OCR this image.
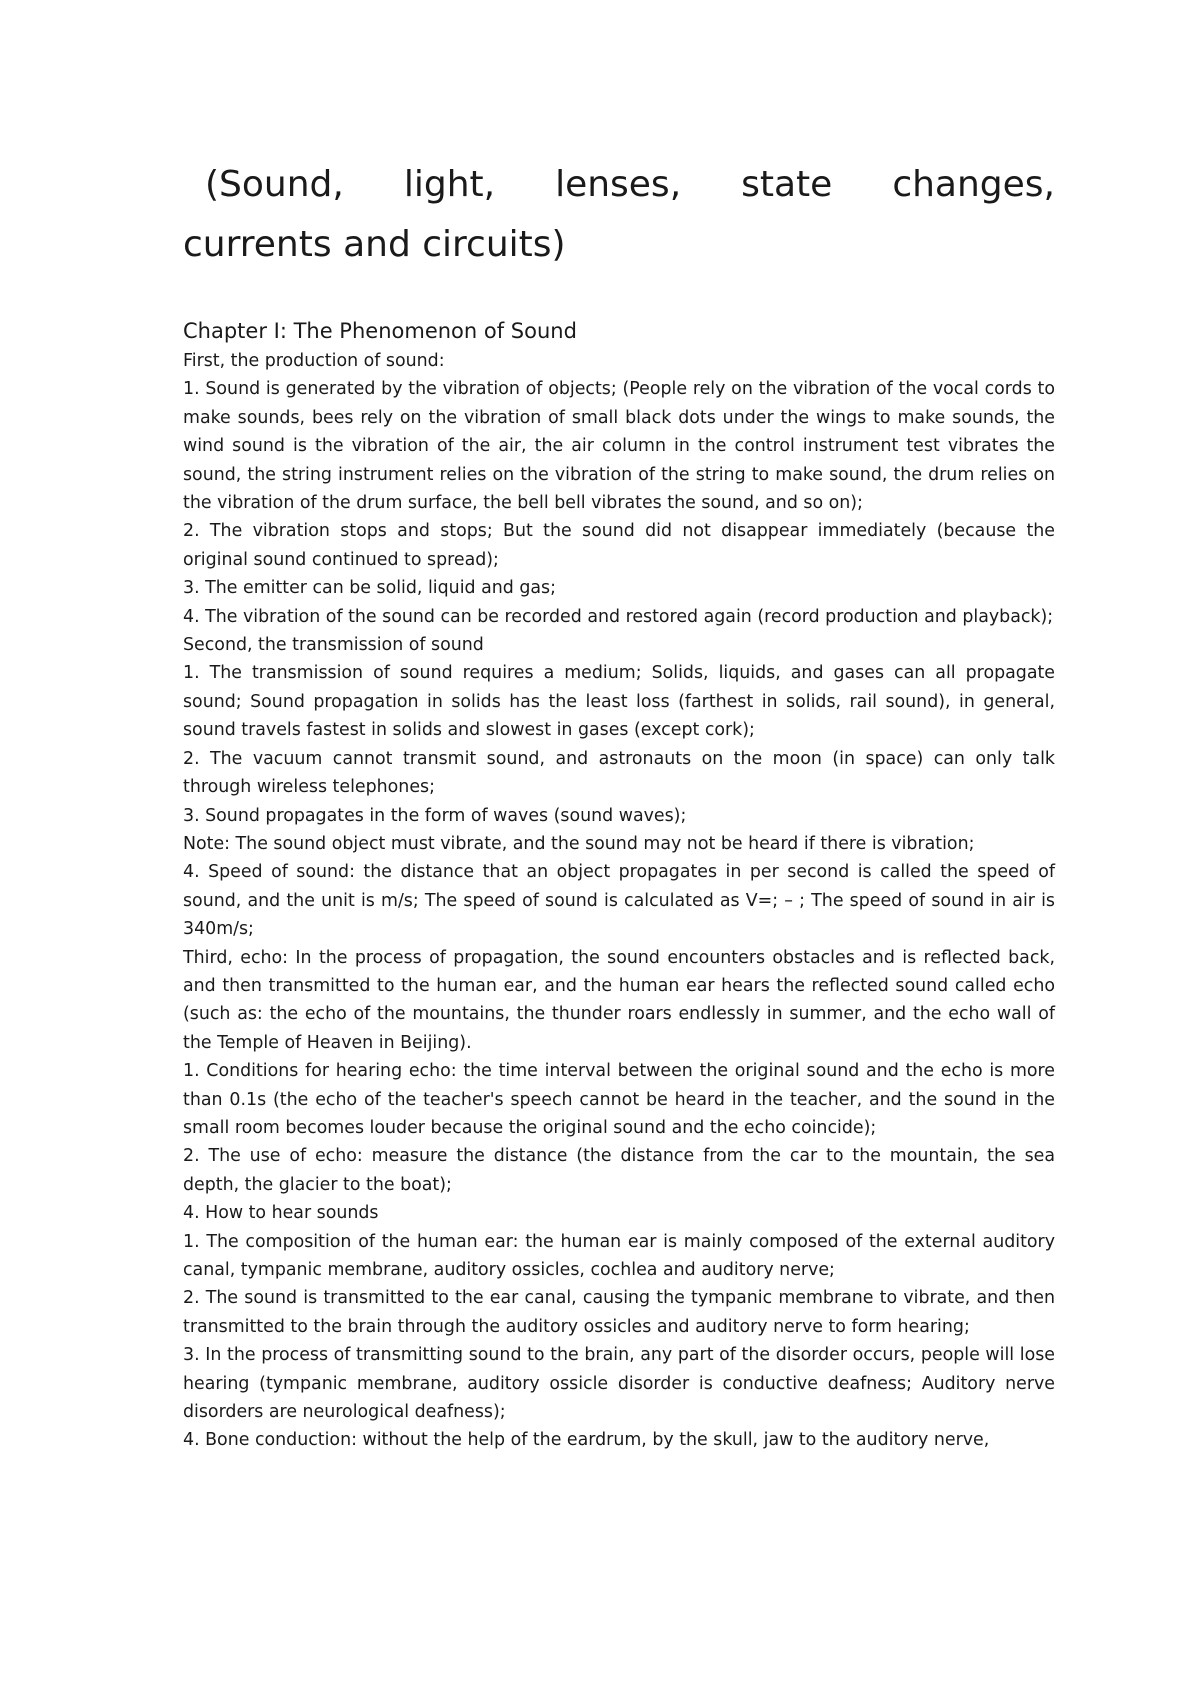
(Sound, light, lenses, state changes,
currents and circuits)
Chapter I: The Phenomenon of Sound

First, the production of sound:

1. Sound is generated by the vibration of objects; (People rely on the vibration of the vocal cords to make sounds, bees rely on the vibration of small black dots under the wings to make sounds, the wind sound is the vibration of the air, the air column in the control instrument test vibrates the sound, the string instrument relies on the vibration of the string to make sound, the drum relies on the vibration of the drum surface, the bell bell vibrates the sound, and so on);

2. The vibration stops and stops; But the sound did not disappear immediately (because the original sound continued to spread);

3. The emitter can be solid, liquid and gas;

4. The vibration of the sound can be recorded and restored again (record production and playback);

Second, the transmission of sound

1. The transmission of sound requires a medium; Solids, liquids, and gases can all propagate sound; Sound propagation in solids has the least loss (farthest in solids, rail sound), in general, sound travels fastest in solids and slowest in gases (except cork);

2. The vacuum cannot transmit sound, and astronauts on the moon (in space) can only talk through wireless telephones;

3. Sound propagates in the form of waves (sound waves);

Note: The sound object must vibrate, and the sound may not be heard if there is vibration;

4. Speed of sound: the distance that an object propagates in per second is called the speed of sound, and the unit is m/s; The speed of sound is calculated as V=; – ; The speed of sound in air is 340m/s;

Third, echo: In the process of propagation, the sound encounters obstacles and is reflected back, and then transmitted to the human ear, and the human ear hears the reflected sound called echo (such as: the echo of the mountains, the thunder roars endlessly in summer, and the echo wall of the Temple of Heaven in Beijing).

1. Conditions for hearing echo: the time interval between the original sound and the echo is more than 0.1s (the echo of the teacher's speech cannot be heard in the teacher, and the sound in the small room becomes louder because the original sound and the echo coincide);

2. The use of echo: measure the distance (the distance from the car to the mountain, the sea depth, the glacier to the boat);

4. How to hear sounds

1. The composition of the human ear: the human ear is mainly composed of the external auditory canal, tympanic membrane, auditory ossicles, cochlea and auditory nerve;

2. The sound is transmitted to the ear canal, causing the tympanic membrane to vibrate, and then transmitted to the brain through the auditory ossicles and auditory nerve to form hearing;

3. In the process of transmitting sound to the brain, any part of the disorder occurs, people will lose hearing (tympanic membrane, auditory ossicle disorder is conductive deafness; Auditory nerve disorders are neurological deafness);

4. Bone conduction: without the help of the eardrum, by the skull, jaw to the auditory nerve,
